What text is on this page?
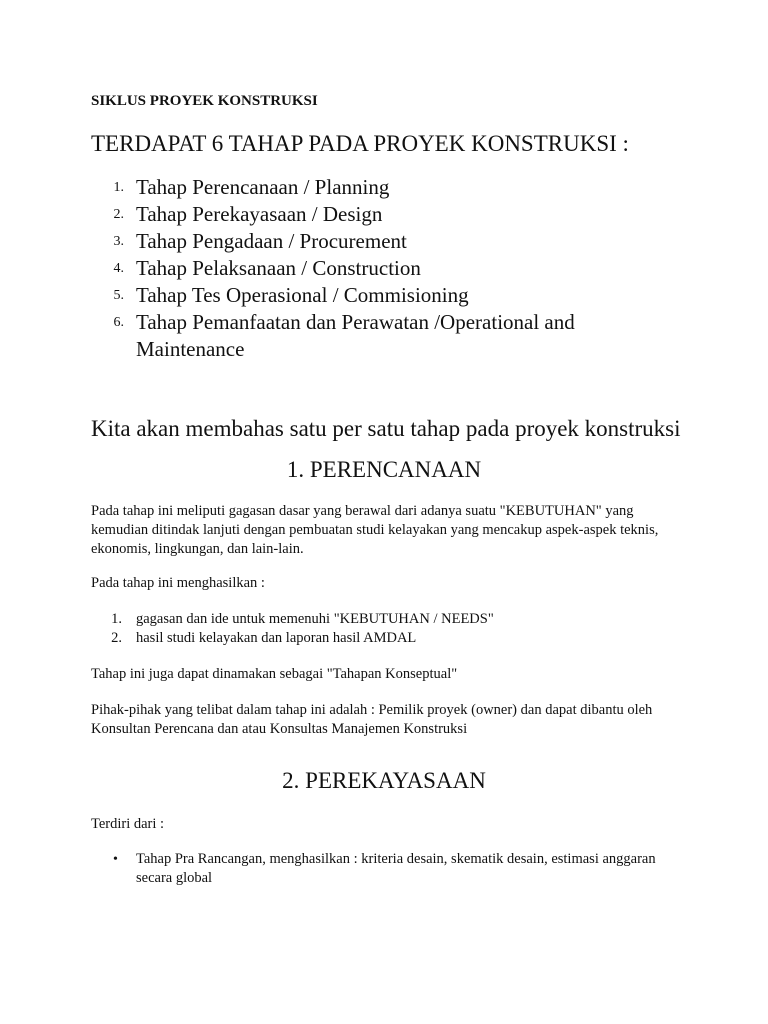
SIKLUS PROYEK KONSTRUKSI
TERDAPAT 6 TAHAP PADA PROYEK KONSTRUKSI :
1. Tahap Perencanaan / Planning
2. Tahap Perekayasaan / Design
3. Tahap Pengadaan / Procurement
4. Tahap Pelaksanaan / Construction
5. Tahap Tes Operasional / Commisioning
6. Tahap Pemanfaatan dan Perawatan /Operational and Maintenance
Kita akan membahas satu per satu tahap pada proyek konstruksi
1. PERENCANAAN

Pada tahap ini meliputi gagasan dasar yang berawal dari adanya suatu "KEBUTUHAN" yang kemudian ditindak lanjuti dengan pembuatan studi kelayakan yang mencakup aspek-aspek teknis, ekonomis, lingkungan, dan lain-lain.

Pada tahap ini menghasilkan :

1. gagasan dan ide untuk memenuhi "KEBUTUHAN / NEEDS"
2. hasil studi kelayakan dan laporan hasil AMDAL

Tahap ini juga dapat dinamakan sebagai "Tahapan Konseptual"

Pihak-pihak yang telibat dalam tahap ini adalah : Pemilik proyek (owner) dan dapat dibantu oleh Konsultan Perencana dan atau Konsultas Manajemen Konstruksi

2. PEREKAYASAAN

Terdiri dari :

• Tahap Pra Rancangan, menghasilkan : kriteria desain, skematik desain, estimasi anggaran secara global
